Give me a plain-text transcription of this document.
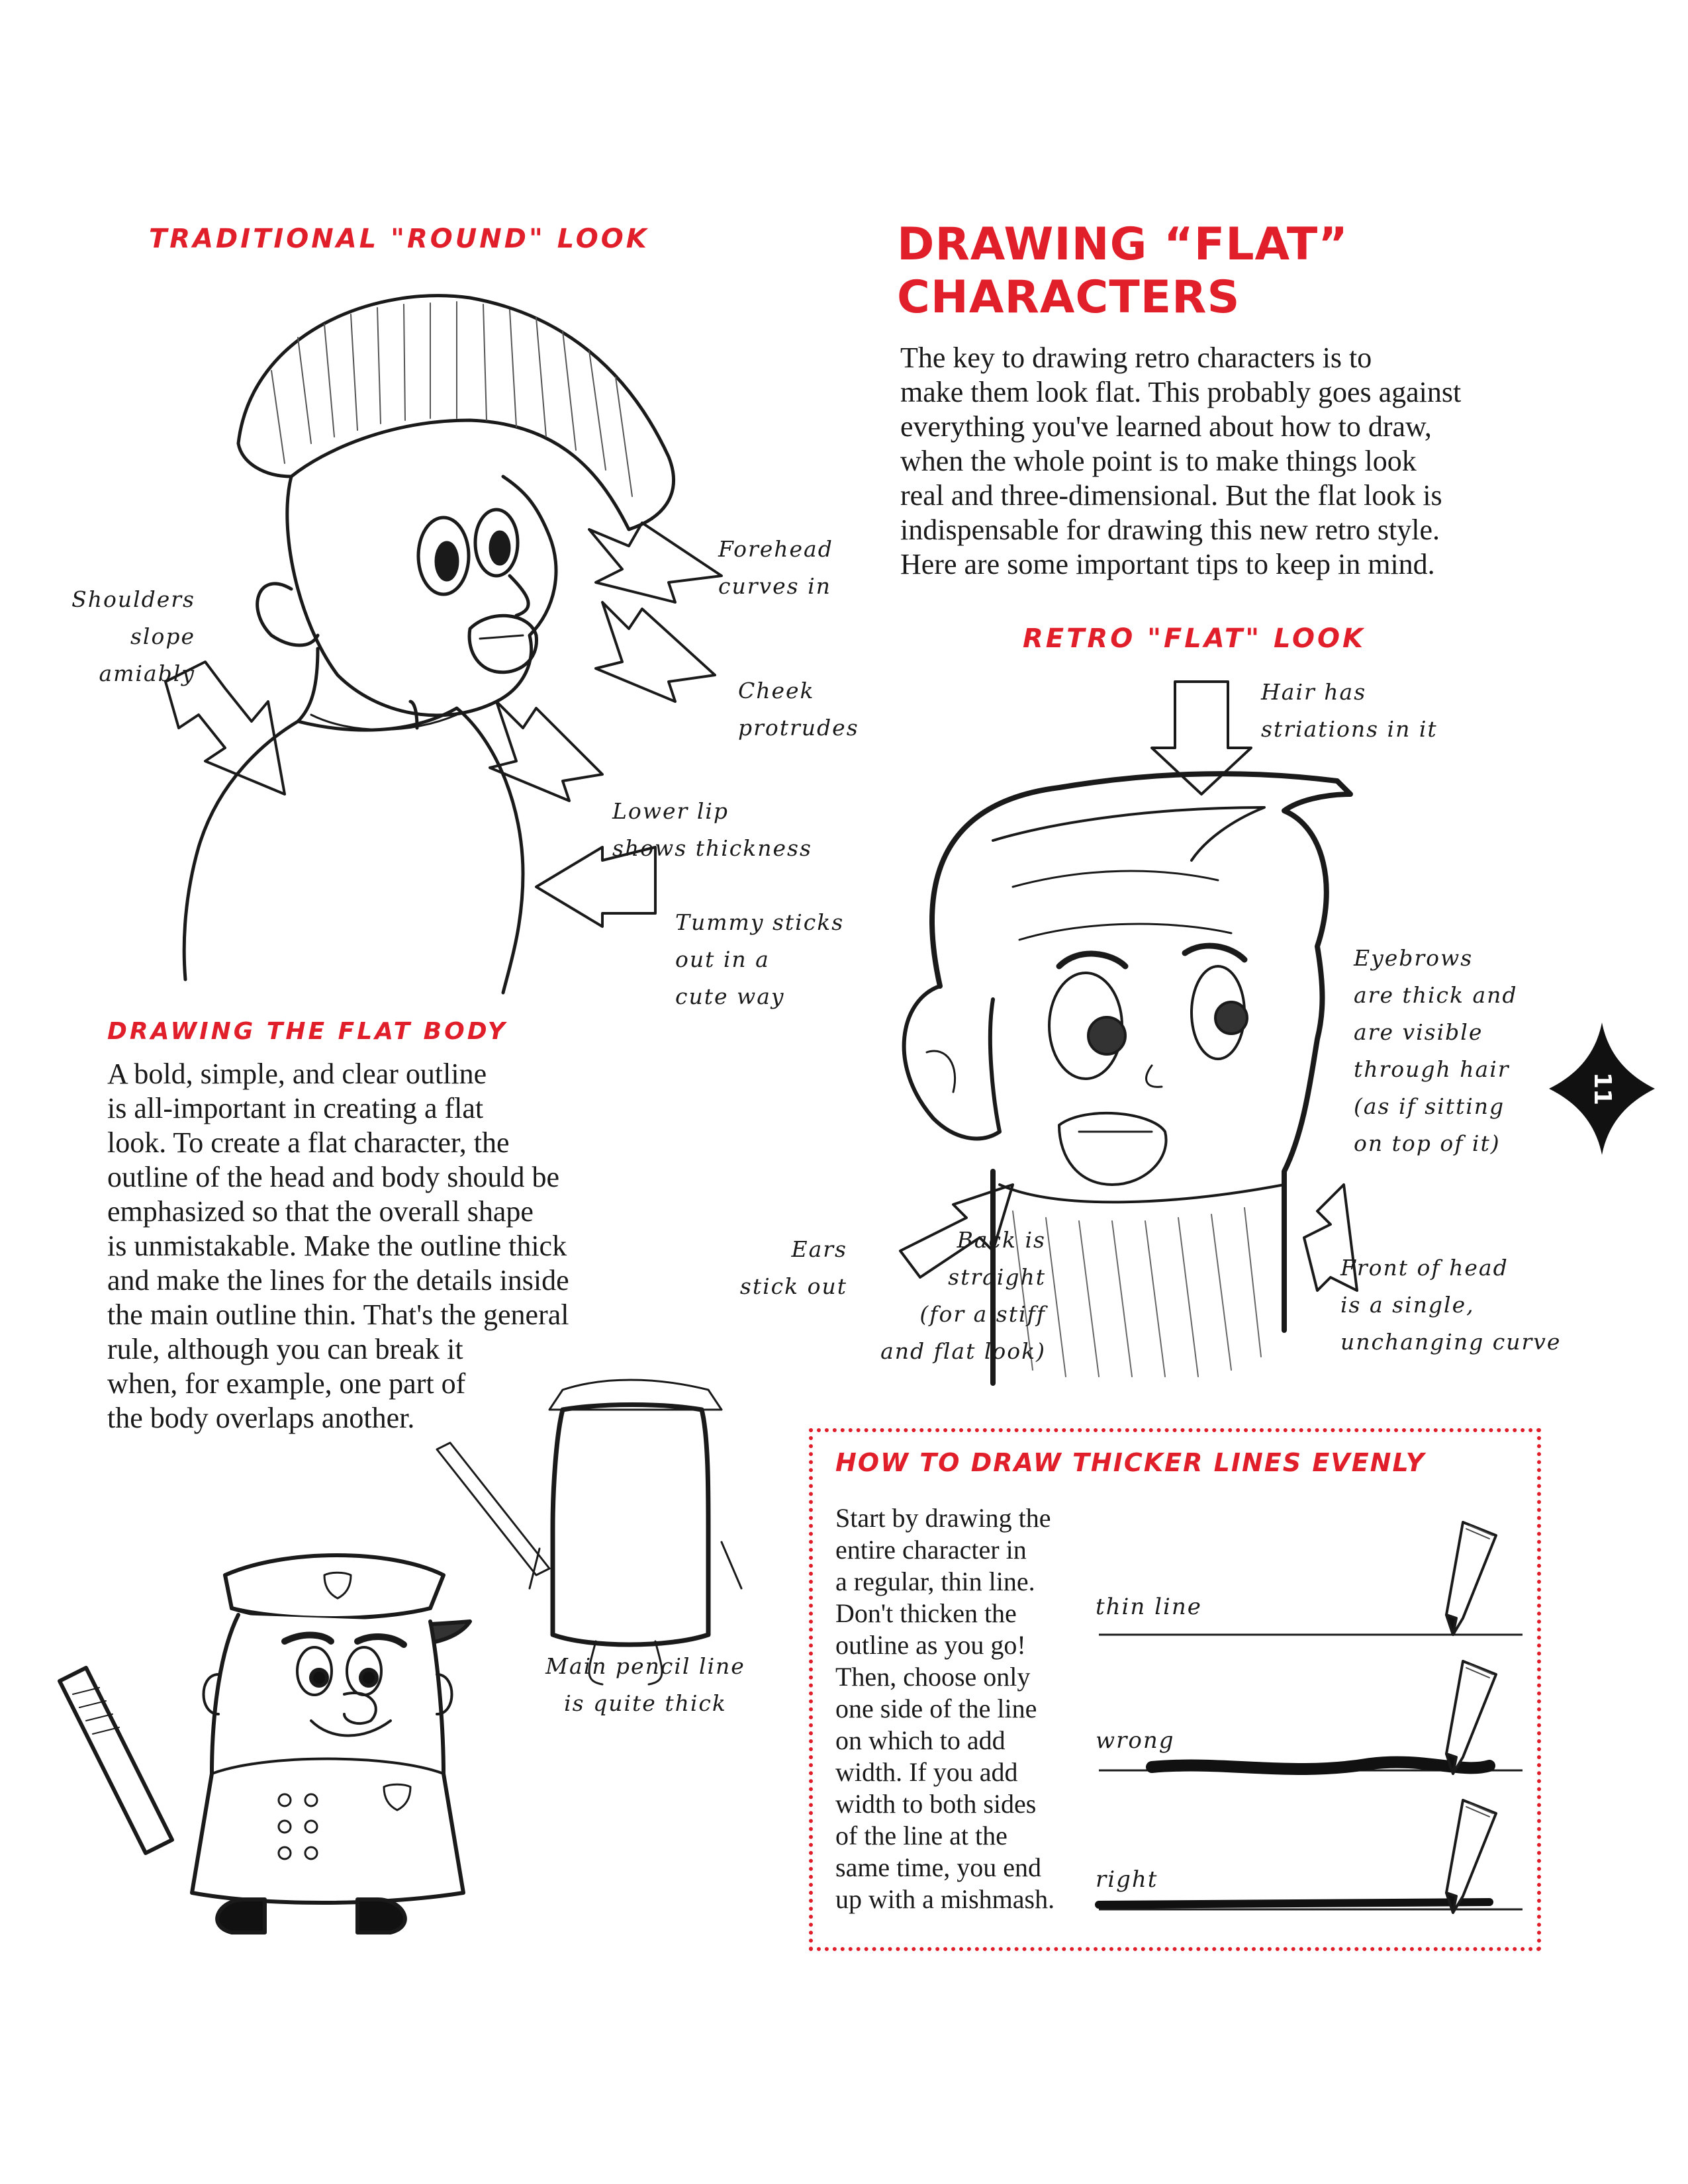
DRAWING “FLAT”
CHARACTERS
The key to drawing retro characters is to
make them look flat. This probably goes against
everything you've learned about how to draw,
when the whole point is to make things look
real and three-dimensional. But the flat look is
indispensable for drawing this new retro style.
Here are some important tips to keep in mind.
TRADITIONAL "ROUND" LOOK
Shoulders
slope
amiably
Forehead
curves in
Cheek
protrudes
Lower lip
shows thickness
Tummy sticks
out in a
cute way
RETRO "FLAT" LOOK
Hair has
striations in it
Eyebrows
are thick and
are visible
through hair
(as if sitting
on top of it)
Ears
stick out
Back is
straight
(for a stiff
and flat look)
Front of head
is a single,
unchanging curve
11
DRAWING THE FLAT BODY
A bold, simple, and clear outline
is all-important in creating a flat
look. To create a flat character, the
outline of the head and body should be
emphasized so that the overall shape
is unmistakable. Make the outline thick
and make the lines for the details inside
the main outline thin. That's the general
rule, although you can break it
when, for example, one part of
the body overlaps another.
Main pencil line
is quite thick
HOW TO DRAW THICKER LINES EVENLY
Start by drawing the
entire character in
a regular, thin line.
Don't thicken the
outline as you go!
Then, choose only
one side of the line
on which to add
width. If you add
width to both sides
of the line at the
same time, you end
up with a mishmash.
thin line
wrong
right
